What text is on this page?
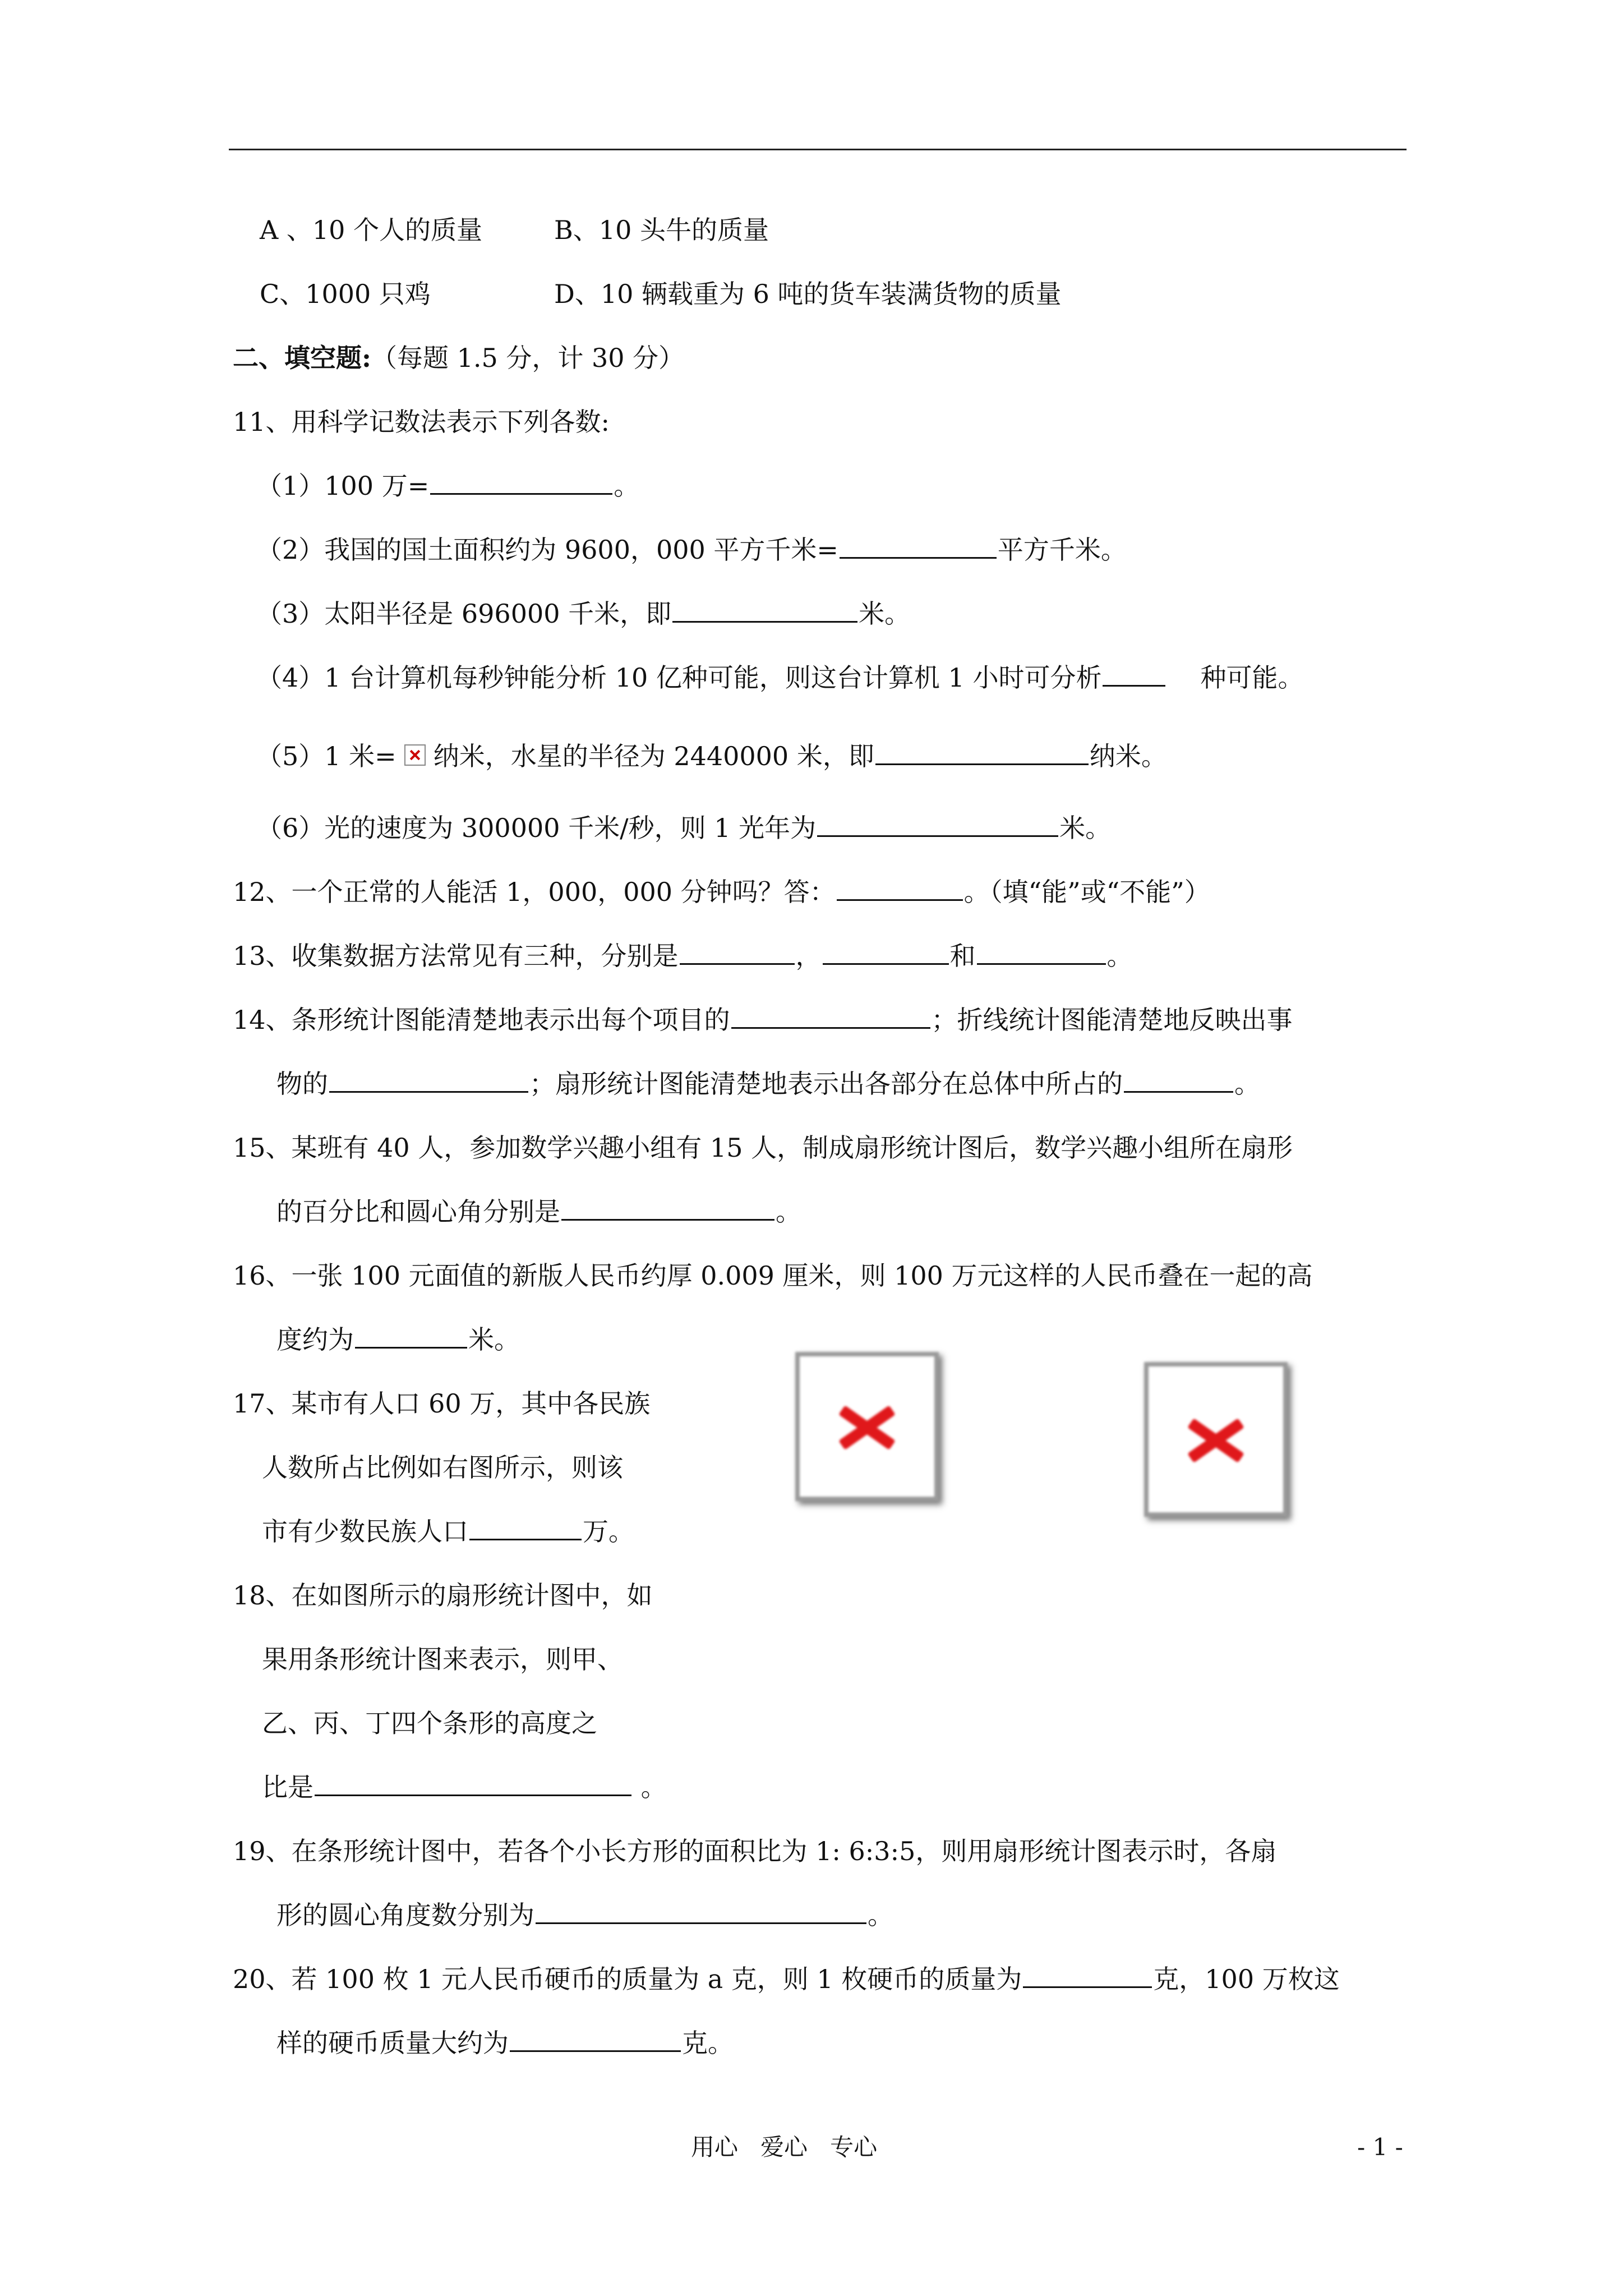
A 、10 个人的质量	B、10 头牛的质量
C、1000 只鸡	D、10 辆载重为 6 吨的货车装满货物的质量
二、填空题:（每题 1.5 分，计 30 分）
11、用科学记数法表示下列各数:
（1）100 万=	。
（2）我国的国土面积约为 9600，000 平方千米=	平方千米。
（3）太阳半径是 696000 千米，即	米。
（4）1 台计算机每秒钟能分析 10 亿种可能，则这台计算机 1 小时可分析	种可能。
（5）1 米= 纳米，水星的半径为 2440000 米，即	纳米。
（6）光的速度为 300000 千米/秒，则 1 光年为	米。
12、一个正常的人能活 1，000，000 分钟吗？答：	。（填“能”或“不能”）
13、收集数据方法常见有三种，分别是	，	和	。
14、条形统计图能清楚地表示出每个项目的	；折线统计图能清楚地反映出事
物的	；扇形统计图能清楚地表示出各部分在总体中所占的	。
15、某班有 40 人，参加数学兴趣小组有 15 人，制成扇形统计图后，数学兴趣小组所在扇形
的百分比和圆心角分别是	。
16、一张 100 元面值的新版人民币约厚 0.009 厘米，则 100 万元这样的人民币叠在一起的高
度约为	米。
17、某市有人口 60 万，其中各民族
人数所占比例如右图所示，则该
市有少数民族人口	万。
18、在如图所示的扇形统计图中，如
果用条形统计图来表示，则甲、
乙、丙、丁四个条形的高度之
比是	。
19、在条形统计图中，若各个小长方形的面积比为 1: 6:3:5，则用扇形统计图表示时，各扇
形的圆心角度数分别为	。
20、若 100 枚 1 元人民币硬币的质量为 a 克，则 1 枚硬币的质量为	克，100 万枚这
样的硬币质量大约为	克。
用心   爱心   专心	- 1 -
